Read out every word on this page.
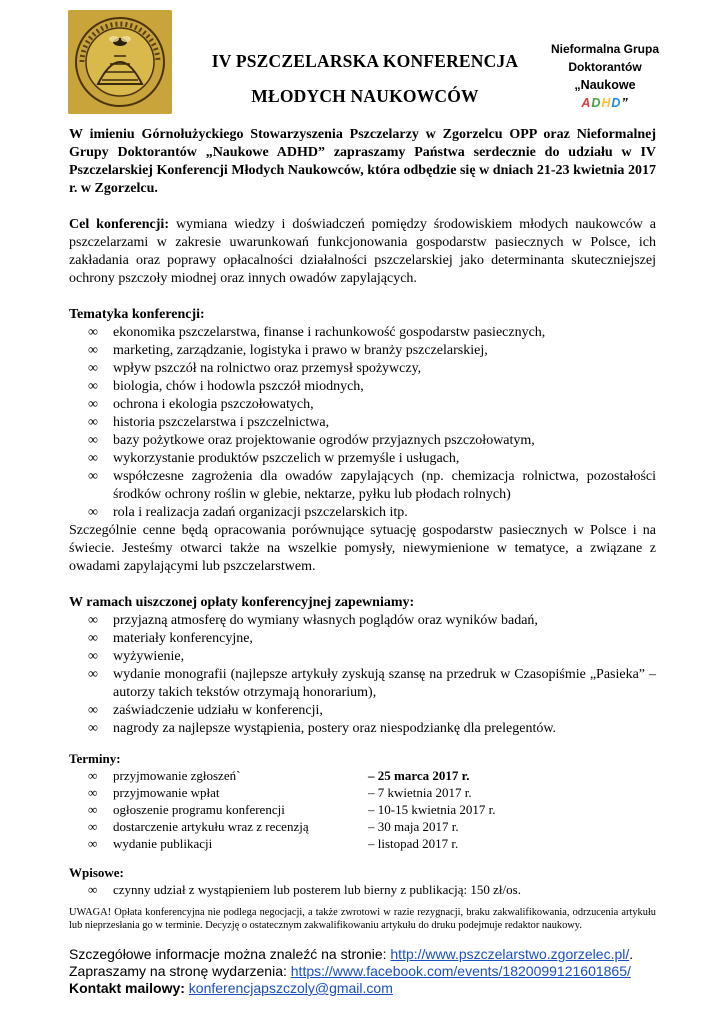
IV PSZCZELARSKA KONFERENCJA
MŁODYCH NAUKOWCÓW
Nieformalna Grupa
Doktorantów
„Naukowe
ADHD”

W imieniu Górnołużyckiego Stowarzyszenia Pszczelarzy w Zgorzelcu OPP oraz Nieformalnej Grupy Doktorantów „Naukowe ADHD” zapraszamy Państwa serdecznie do udziału w IV Pszczelarskiej Konferencji Młodych Naukowców, która odbędzie się w dniach 21-23 kwietnia 2017 r. w Zgorzelcu.

Cel konferencji: wymiana wiedzy i doświadczeń pomiędzy środowiskiem młodych naukowców a pszczelarzami w zakresie uwarunkowań funkcjonowania gospodarstw pasiecznych w Polsce, ich zakładania oraz poprawy opłacalności działalności pszczelarskiej jako determinanta skuteczniejszej ochrony pszczoły miodnej oraz innych owadów zapylających.

Tematyka konferencji:

∞ ekonomika pszczelarstwa, finanse i rachunkowość gospodarstw pasiecznych,
∞ marketing, zarządzanie, logistyka i prawo w branży pszczelarskiej,
∞ wpływ pszczół na rolnictwo oraz przemysł spożywczy,
∞ biologia, chów i hodowla pszczół miodnych,
∞ ochrona i ekologia pszczołowatych,
∞ historia pszczelarstwa i pszczelnictwa,
∞ bazy pożytkowe oraz projektowanie ogrodów przyjaznych pszczołowatym,
∞ wykorzystanie produktów pszczelich w przemyśle i usługach,
∞ współczesne zagrożenia dla owadów zapylających (np. chemizacja rolnictwa, pozostałości środków ochrony roślin w glebie, nektarze, pyłku lub płodach rolnych)
∞ rola i realizacja zadań organizacji pszczelarskich itp.

Szczególnie cenne będą opracowania porównujące sytuację gospodarstw pasiecznych w Polsce i na świecie. Jesteśmy otwarci także na wszelkie pomysły, niewymienione w tematyce, a związane z owadami zapylającymi lub pszczelarstwem.

W ramach uiszczonej opłaty konferencyjnej zapewniamy:

∞ przyjazną atmosferę do wymiany własnych poglądów oraz wyników badań,
∞ materiały konferencyjne,
∞ wyżywienie,
∞ wydanie monografii (najlepsze artykuły zyskują szansę na przedruk w Czasopiśmie „Pasieka” – autorzy takich tekstów otrzymają honorarium),
∞ zaświadczenie udziału w konferencji,
∞ nagrody za najlepsze wystąpienia, postery oraz niespodziankę dla prelegentów.

Terminy:

∞ przyjmowanie zgłoszeń`	– 25 marca 2017 r.
∞ przyjmowanie wpłat	– 7 kwietnia 2017 r.
∞ ogłoszenie programu konferencji	– 10-15 kwietnia 2017 r.
∞ dostarczenie artykułu wraz z recenzją	– 30 maja 2017 r.
∞ wydanie publikacji	– listopad 2017 r.

Wpisowe:

∞ czynny udział z wystąpieniem lub posterem lub bierny z publikacją: 150 zł/os.

UWAGA! Opłata konferencyjna nie podlega negocjacji, a także zwrotowi w razie rezygnacji, braku zakwalifikowania, odrzucenia artykułu lub nieprzesłania go w terminie. Decyzję o ostatecznym zakwalifikowaniu artykułu do druku podejmuje redaktor naukowy.

Szczegółowe informacje można znaleźć na stronie: http://www.pszczelarstwo.zgorzelec.pl/.

Zapraszamy na stronę wydarzenia: https://www.facebook.com/events/1820099121601865/

Kontakt mailowy: konferencjapszczoly@gmail.com
